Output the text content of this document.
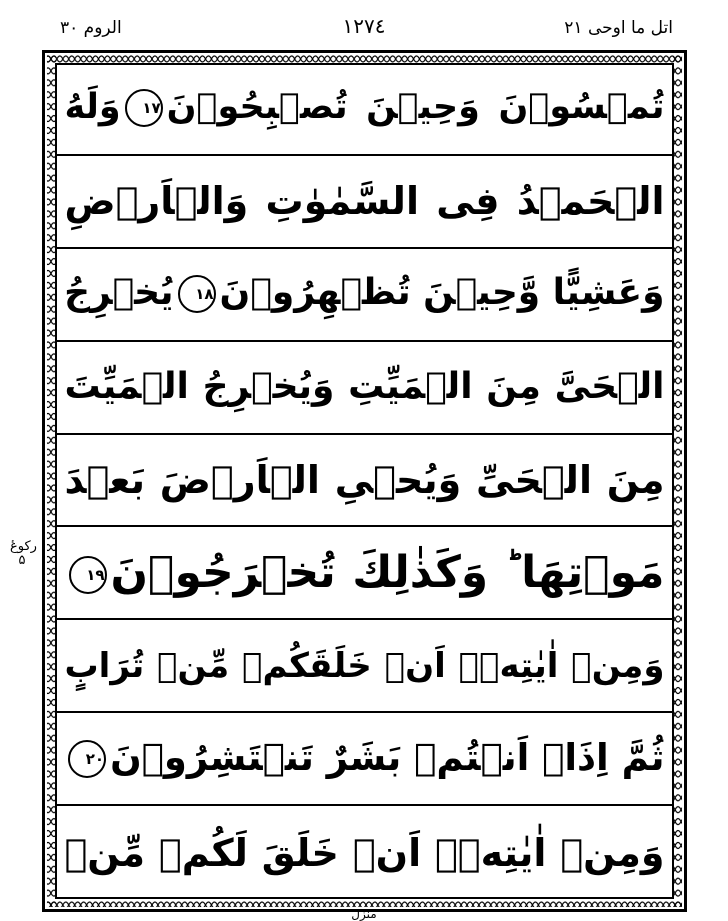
الروم ٣٠	١٢٧٤	اتل ما اوحى ٢١
تُمۡسُوۡنَ وَحِيۡنَ تُصۡبِحُوۡنَ١٧وَلَهُ
الۡحَمۡدُ فِى السَّمٰوٰتِ وَالۡاَرۡضِ
وَعَشِيًّا وَّحِيۡنَ تُظۡهِرُوۡنَ١٨يُخۡرِجُ
الۡحَىَّ مِنَ الۡمَيِّتِ وَيُخۡرِجُ الۡمَيِّتَ
مِنَ الۡحَىِّ وَيُحۡىِ الۡاَرۡضَ بَعۡدَ
مَوۡتِهَا ؕ وَكَذٰلِكَ تُخۡرَجُوۡنَ١٩
وَمِنۡ اٰيٰتِهٖۤ اَنۡ خَلَقَكُمۡ مِّنۡ تُرَابٍ
ثُمَّ اِذَاۤ اَنۡتُمۡ بَشَرٌ تَنۡتَشِرُوۡنَ٢٠
وَمِنۡ اٰيٰتِهٖۤ اَنۡ خَلَقَ لَكُمۡ مِّنۡ
رکوعٔ ۵
منزل
